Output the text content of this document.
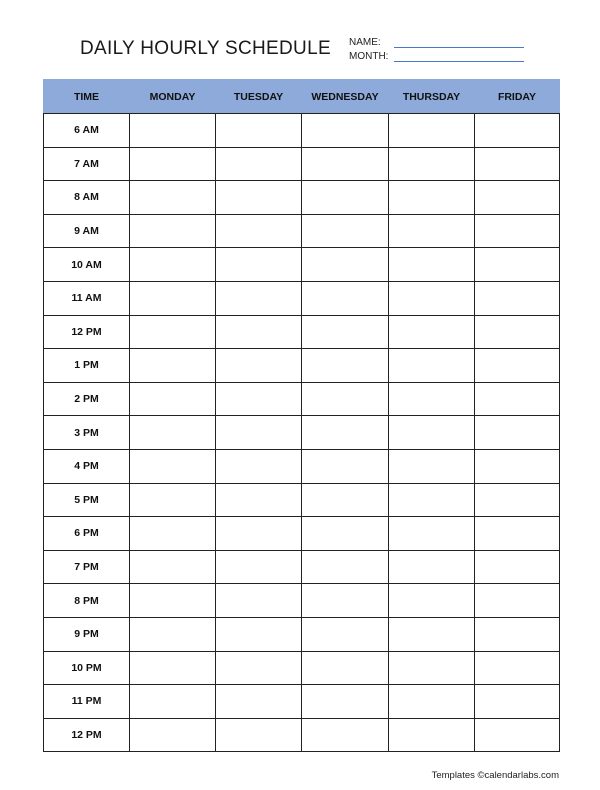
DAILY HOURLY SCHEDULE NAME:
MONTH:
TIME	MONDAY	TUESDAY	WEDNESDAY	THURSDAY	FRIDAY
6 AM					
7 AM					
8 AM					
9 AM					
10 AM					
11 AM					
12 PM					
1 PM					
2 PM					
3 PM					
4 PM					
5 PM					
6 PM					
7 PM					
8 PM					
9 PM					
10 PM					
11 PM					
12 PM					
Templates ©calendarlabs.com
